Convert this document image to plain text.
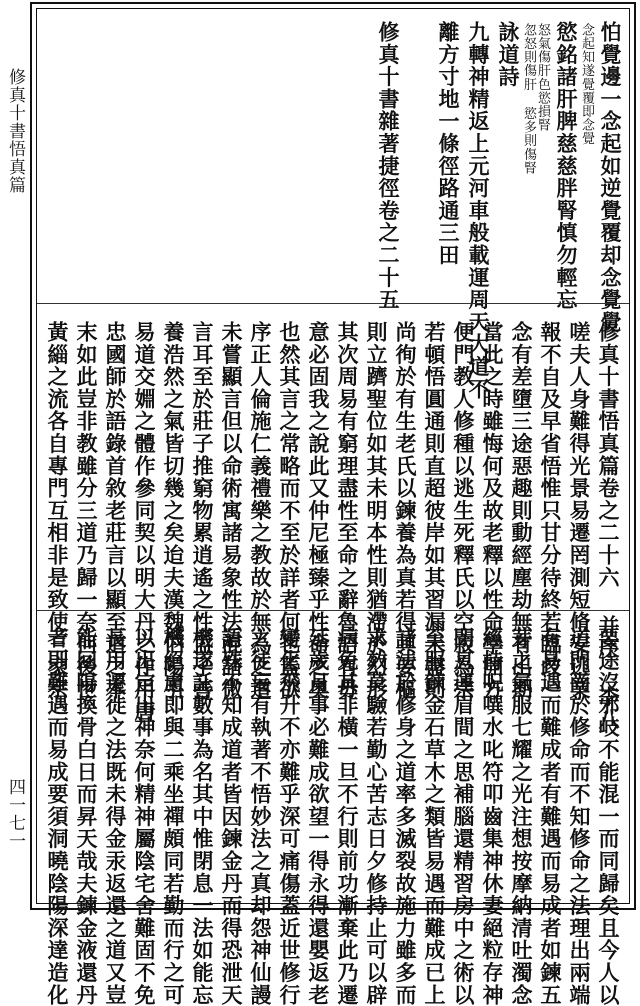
修真十書悟真篇
四一七一
怕覺邊一念起如逆覺覆却念覺覺
念起知遂覺覆即念覺
慾銘諸肝脾慈慈胖腎慎勿輕忘
怒氣傷肝色慾損腎
忽怒則傷肝 慾多則傷腎
詠道詩
九轉神精返上元河車般載運周天大道不
離方寸地一條徑路通三田
修真十書雜著捷徑卷之二十五
修真十書悟真篇卷之二十六 并序 李八
嗟夫人身難得光景易遷罔測短脩安逃業
報不自及早省悟惟只甘分待終若臨歧一
念有差墮三途惡趣則動經塵劫無有出期
當此之時雖悔何及故老釋以性命學開方
便門教人修種以逃生死釋氏以空寂為宗
若頓悟圓通則直超彼岸如其習漏未盡則
尚徇於有生老氏以鍊養為真若得其要樞
則立躋聖位如其未明本性則猶滯於幻形
其次周易有窮理盡性至命之辭魯語有毋
意必固我之說此又仲尼極臻乎性命之奧
也然其言之常略而不至於詳者何也蓋欲
序正人倫施仁義禮樂之教故於無為之道
未嘗顯言但以命術寓諸易象性法混諸微
言耳至於莊子推窮物累逍遙之性孟子善
養浩然之氣皆切幾之矣迨夫漢魏伯陽引
易道交婣之體作參同契以明大丹之作用唐
忠國師於語錄首敘老莊言以顯至道之本
末如此豈非教雖分三道乃歸一奈何後世
黃緇之流各自專門互相非是致使三家宗
要途沒邪岐不能混一而同歸矣且今人以
道門尚於修命而不知修命之法理出兩端
有易遇而難成者有難遇而易成者如鍊五
芽之氣服七耀之光注想按摩納清吐濁念
經持呪噀水叱符叩齒集神休妻絕粒存神
閉息運眉間之思補腦還精習房中之術以
至服鍊金石草木之類皆易遇而難成已上
諸法於修身之道率多滅裂故施力雖多而
求效莫驗若勤心苦志日夕修持止可以辟
病免其非橫一旦不行則前功漸棄此乃遷
延歲月事必難成欲望一得永得還嬰返老
變化飛升不亦難乎深可痛傷蓋近世修行
之徒妄有執著不悟妙法之真却怨神仙謾
語殊不知成道者皆因鍊金丹而得恐泄天
機遂託數事為名其中惟閉息一法如能忘
機絕慮即與二乘坐禪頗同若勤而行之可
以出定出神奈何精神屬陰宅舍難固不免
長用遷徙之法既未得金汞返還之道又豈
能回陽換骨白日而昇天哉夫鍊金液還丹
者則難遇而易成要須洞曉陰陽深達造化
